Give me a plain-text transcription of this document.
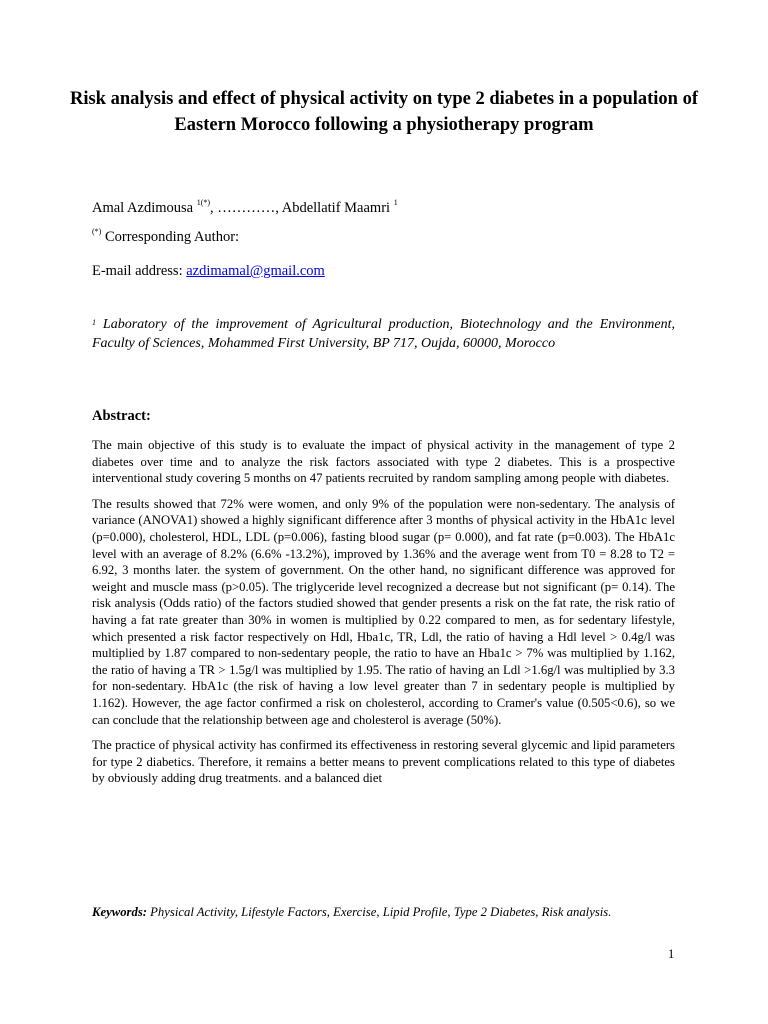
Risk analysis and effect of physical activity on type 2 diabetes in a population of Eastern Morocco following a physiotherapy program
Amal Azdimousa $^{1(*)}$, …………, Abdellatif Maamri $^1$
(*) Corresponding Author:
E-mail address: azdimamal@gmail.com

$^1$ Laboratory of the improvement of Agricultural production, Biotechnology and the Environment, Faculty of Sciences, Mohammed First University, BP 717, Oujda, 60000, Morocco

Abstract:

The main objective of this study is to evaluate the impact of physical activity in the management of type 2 diabetes over time and to analyze the risk factors associated with type 2 diabetes. This is a prospective interventional study covering 5 months on 47 patients recruited by random sampling among people with diabetes.

The results showed that 72% were women, and only 9% of the population were non-sedentary. The analysis of variance (ANOVA1) showed a highly significant difference after 3 months of physical activity in the HbA1c level (p=0.000), cholesterol, HDL, LDL (p=0.006), fasting blood sugar (p= 0.000), and fat rate (p=0.003). The HbA1c level with an average of 8.2% (6.6% -13.2%), improved by 1.36% and the average went from T0 = 8.28 to T2 = 6.92, 3 months later. the system of government. On the other hand, no significant difference was approved for weight and muscle mass (p>0.05). The triglyceride level recognized a decrease but not significant (p= 0.14). The risk analysis (Odds ratio) of the factors studied showed that gender presents a risk on the fat rate, the risk ratio of having a fat rate greater than 30% in women is multiplied by 0.22 compared to men, as for sedentary lifestyle, which presented a risk factor respectively on Hdl, Hba1c, TR, Ldl, the ratio of having a Hdl level > 0.4g/l was multiplied by 1.87 compared to non-sedentary people, the ratio to have an Hba1c > 7% was multiplied by 1.162, the ratio of having a TR > 1.5g/l was multiplied by 1.95. The ratio of having an Ldl >1.6g/l was multiplied by 3.3 for non-sedentary. HbA1c (the risk of having a low level greater than 7 in sedentary people is multiplied by 1.162). However, the age factor confirmed a risk on cholesterol, according to Cramer's value (0.505<0.6), so we can conclude that the relationship between age and cholesterol is average (50%).

The practice of physical activity has confirmed its effectiveness in restoring several glycemic and lipid parameters for type 2 diabetics. Therefore, it remains a better means to prevent complications related to this type of diabetes by obviously adding drug treatments. and a balanced diet

Keywords: Physical Activity, Lifestyle Factors, Exercise, Lipid Profile, Type 2 Diabetes, Risk analysis.

1
